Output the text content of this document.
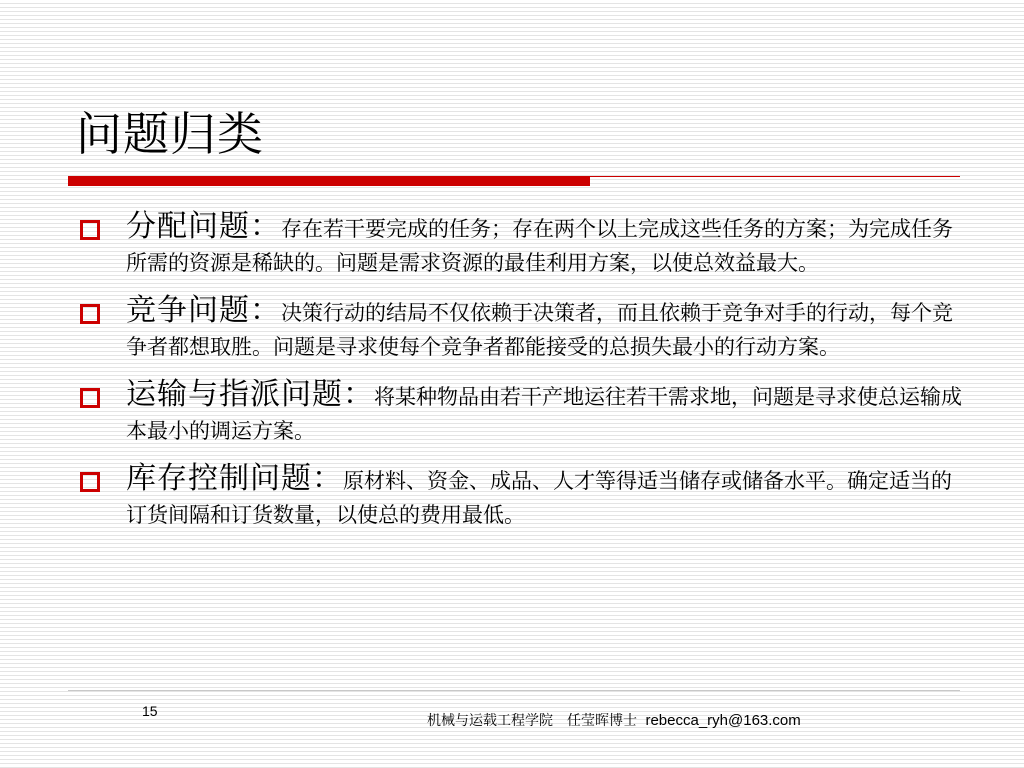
问题归类
分配问题：存在若干要完成的任务；存在两个以上完成这些任务的方案；为完成任务所需的资源是稀缺的。问题是需求资源的最佳利用方案，以使总效益最大。
竞争问题：决策行动的结局不仅依赖于决策者，而且依赖于竞争对手的行动，每个竞争者都想取胜。问题是寻求使每个竞争者都能接受的总损失最小的行动方案。
运输与指派问题：将某种物品由若干产地运往若干需求地，问题是寻求使总运输成本最小的调运方案。
库存控制问题：原材料、资金、成品、人才等得适当储存或储备水平。确定适当的订货间隔和订货数量，以使总的费用最低。
15
机械与运载工程学院　任莹晖博士 rebecca_ryh@163.com
